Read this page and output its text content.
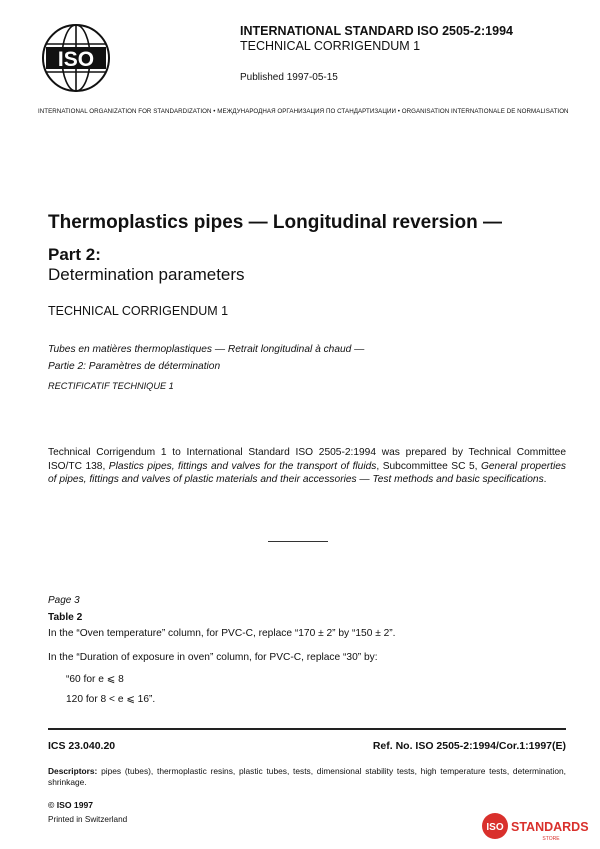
ISO
INTERNATIONAL STANDARD ISO 2505-2:1994
TECHNICAL CORRIGENDUM 1
Published 1997-05-15
INTERNATIONAL ORGANIZATION FOR STANDARDIZATION • МЕЖДУНАРОДНАЯ ОРГАНИЗАЦИЯ ПО СТАНДАРТИЗАЦИИ • ORGANISATION INTERNATIONALE DE NORMALISATION
Thermoplastics pipes — Longitudinal reversion —
Part 2:
Determination parameters
TECHNICAL CORRIGENDUM 1
Tubes en matières thermoplastiques — Retrait longitudinal à chaud —
Partie 2: Paramètres de détermination
RECTIFICATIF TECHNIQUE 1
Technical Corrigendum 1 to International Standard ISO 2505-2:1994 was prepared by Technical Committee ISO/TC 138, Plastics pipes, fittings and valves for the transport of fluids, Subcommittee SC 5, General properties of pipes, fittings and valves of plastic materials and their accessories — Test methods and basic specifications.
Page 3
Table 2
In the “Oven temperature” column, for PVC-C, replace “170 ± 2” by “150 ± 2”.
In the “Duration of exposure in oven” column, for PVC-C, replace “30” by:
“60 for e ⩽ 8
120 for 8 < e ⩽ 16”.
ICS 23.040.20	Ref. No. ISO 2505-2:1994/Cor.1:1997(E)
Descriptors: pipes (tubes), thermoplastic resins, plastic tubes, tests, dimensional stability tests, high temperature tests, determination, shrinkage.
© ISO 1997
Printed in Switzerland
ISO STANDARDS
STORE
